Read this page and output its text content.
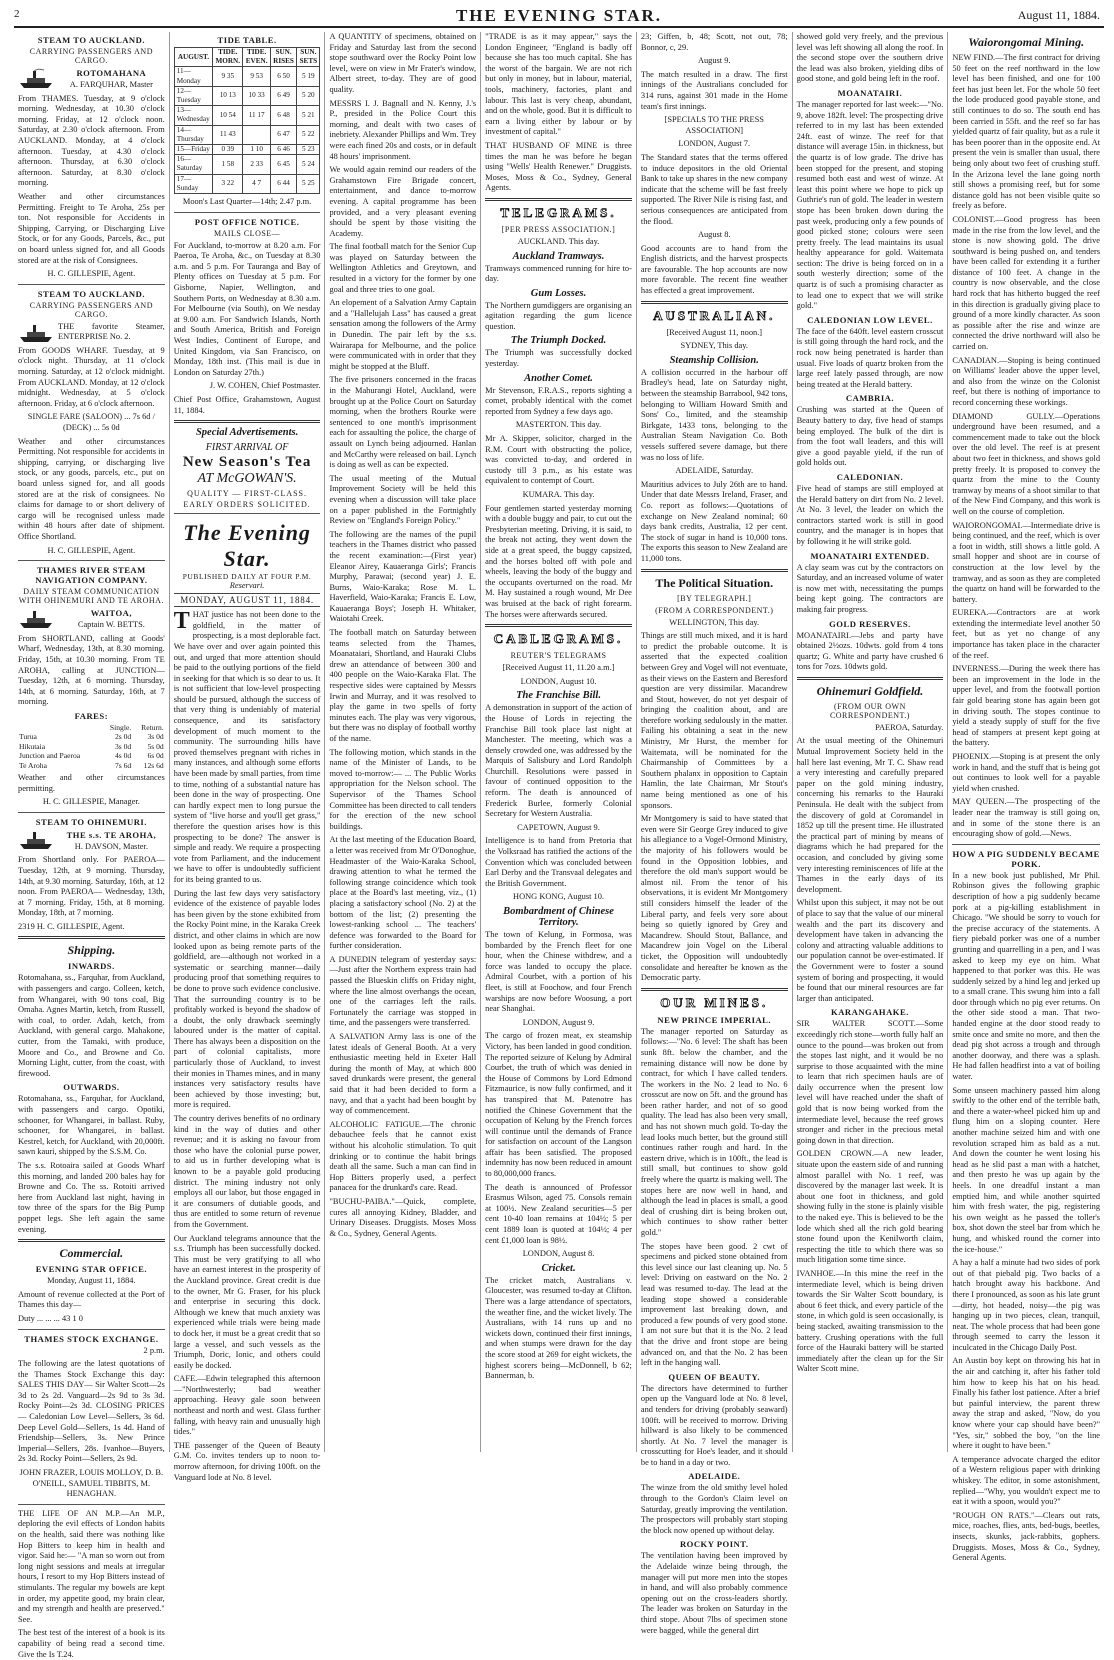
2	THE EVENING STAR.	August 11, 1884.
STEAM TO AUCKLAND.
CARRYING PASSENGERS AND CARGO.
ROTOMAHANA
A. FARQUHAR, Master
From THAMES. Tuesday, at 9 o'clock morning. Wednesday, at 10.30 o'clock morning. Friday, at 12 o'clock noon. Saturday, at 2.30 o'clock afternoon. From AUCKLAND. Monday, at 4 o'clock afternoon. Tuesday, at 4.30 o'clock afternoon. Thursday, at 6.30 o'clock afternoon. Saturday, at 8.30 o'clock morning.
Weather and other circumstances Permitting. Freight to Te Aroha, 25s per ton. Not responsible for Accidents in Shipping, Carrying, or Discharging Live Stock, or for any Goods, Parcels, &c., put on board unless signed for, and all Goods stored are at the risk of Consignees.
H. C. GILLESPIE, Agent.
STEAM TO AUCKLAND.
CARRYING PASSENGERS AND CARGO.
THE favorite Steamer, ENTERPRISE No. 2.
From GOODS WHARF. Tuesday, at 9 o'clock night. Thursday, at 11 o'clock morning. Saturday, at 12 o'clock midnight. From AUCKLAND. Monday, at 12 o'clock midnight. Wednesday, at 5 o'clock afternoon. Friday, at 6 o'clock afternoon.
SINGLE FARE (SALOON) ... 7s 6d / (DECK) ... 5s 0d
Weather and other circumstances Permitting. Not responsible for accidents in shipping, carrying, or discharging live stock, or any goods, parcels, etc., put on board unless signed for, and all goods stored are at the risk of consignees. No claims for damage to or short delivery of cargo will be recognised unless made within 48 hours after date of shipment. Office Shortland.
H. C. GILLESPIE, Agent.
THAMES RIVER STEAM NAVIGATION COMPANY.
DAILY STEAM COMMUNICATION WITH OHINEMURI AND TE AROHA.
WAITOA,
Captain W. BETTS.
From SHORTLAND, calling at Goods' Wharf, Wednesday, 13th, at 8.30 morning. Friday, 15th, at 10.30 morning. From TE AROHA, calling at JUNCTION— Tuesday, 12th, at 6 morning. Thursday, 14th, at 6 morning. Saturday, 16th, at 7 morning.
FARES:
	Single.	Return.
Turua	2s 0d	3s 0d
Hikutaia	3s 0d	5s 0d
Junction and Paeroa	4s 0d	6s 0d
Te Aroha	7s 6d	12s 6d
Weather and other circumstances permitting.
H. C. GILLESPIE, Manager.
STEAM TO OHINEMURI.
THE s.s. TE AROHA,
H. DAVSON, Master.
From Shortland only. For PAEROA— Tuesday, 12th, at 9 morning. Thursday, 14th, at 9.30 morning. Saturday, 16th, at 12 noon. From PAEROA— Wednesday, 13th, at 7 morning. Friday, 15th, at 8 morning. Monday, 18th, at 7 morning.
2319 H. C. GILLESPIE, Agent.
Shipping.
INWARDS.
Rotomahana, ss., Farquhar, from Auckland, with passengers and cargo. Colleen, ketch, from Whangarei, with 90 tons coal, Big Omaha. Agnes Martin, ketch, from Russell, with coal, to order. Adah, ketch, from Auckland, with general cargo. Mahakone, cutter, from the Tamaki, with produce, Moore and Co., and Browne and Co. Morning Light, cutter, from the coast, with firewood.
OUTWARDS.
Rotomahana, ss., Farquhar, for Auckland, with passengers and cargo. Opotiki, schooner, for Whangarei, in ballast. Ruby, schooner, for Whangarei, in ballast. Kestrel, ketch, for Auckland, with 20,000ft. sawn kauri, shipped by the S.S.M. Co.
The s.s. Rotoaira sailed at Goods Wharf this morning, and landed 200 bales hay for Browne and Co. The ss. Rotoiti arrived here from Auckland last night, having in tow three of the spars for the Big Pump poppet legs. She left again the same evening.
Commercial.
EVENING STAR OFFICE.
Monday, August 11, 1884.
Amount of revenue collected at the Port of Thames this day—
Duty ... ... ... 43 1 0
THAMES STOCK EXCHANGE.
2 p.m.
The following are the latest quotations of the Thames Stock Exchange this day: SALES THIS DAY— Sir Walter Scott—2s 3d to 2s 2d. Vanguard—2s 9d to 3s 3d. Rocky Point—2s 3d. CLOSING PRICES— Caledonian Low Level—Sellers, 3s 6d. Deep Level Gold—Sellers, 1s 4d. Hand of Friendship—Sellers, 3s. New Prince Imperial—Sellers, 28s. Ivanhoe—Buyers, 2s 3d. Rocky Point—Sellers, 2s 9d.
JOHN FRAZER, LOUIS MOLLOY, D. B. O'NEILL, SAMUEL TIBBITS, M. HENAGHAN.
THE LIFE OF AN M.P.—An M.P., deploring the evil effects of London habits on the health, said there was nothing like Hop Bitters to keep him in health and vigor. Said he:— "A man so worn out from long night sessions and meals at irregular hours, I resort to my Hop Bitters instead of stimulants. The regular my bowels are kept in order, my appetite good, my brain clear, and my strength and health are preserved." See.
The best test of the interest of a book is its capability of being read a second time. Give the Is T.24.
TIDE TABLE.
AUGUST.	TIDE. MORN.	TIDE. EVEN.	SUN. RISES	SUN. SETS
11—Monday	9 35	9 53	6 50	5 19
12—Tuesday	10 13	10 33	6 49	5 20
13—Wednesday	10 54	11 17	6 48	5 21
14—Thursday	11 43		6 47	5 22
15—Friday	0 39	1 10	6 46	5 23
16—Saturday	1 58	2 33	6 45	5 24
17—Sunday	3 22	4 7	6 44	5 25
Moon's Last Quarter—14th; 2.47 p.m.
POST OFFICE NOTICE.
MAILS CLOSE—
For Auckland, to-morrow at 8.20 a.m. For Paeroa, Te Aroha, &c., on Tuesday at 8.30 a.m. and 5 p.m. For Tauranga and Bay of Plenty offices on Tuesday at 5 p.m. For Gisborne, Napier, Wellington, and Southern Ports, on Wednesday at 8.30 a.m. For Melbourne (via South), on We nesday at 9.00 a.m. For Sandwich Islands, North and South America, British and Foreign West Indies, Continent of Europe, and United Kingdom, via San Francisco, on Monday, 18th inst. (This mail is due in London on Saturday 27th.)
J. W. COHEN, Chief Postmaster.
Chief Post Office, Grahamstown, August 11, 1884.
Special Advertisements.
FIRST ARRIVAL OF
New Season's Tea
AT McGOWAN'S.
QUALITY — FIRST-CLASS.
EARLY ORDERS SOLICITED.
The Evening Star.
PUBLISHED DAILY AT FOUR P.M.
Reservari.
MONDAY, AUGUST 11, 1884.
THAT justice has not been done to the goldfield, in the matter of prospecting, is a most deplorable fact. We have over and over again pointed this out, and urged that more attention should be paid to the outlying portions of the field in seeking for that which is so dear to us. It is not sufficient that low-level prospecting should be pursued, although the success of that very thing is undeniably of material consequence, and its satisfactory development of much moment to the community. The surrounding hills have proved themselves pregnant with riches in many instances, and although some efforts have been made by small parties, from time to time, nothing of a substantial nature has been done in the way of prospecting. One can hardly expect men to long pursue the system of "live horse and you'll get grass," therefore the question arises how is this prospecting to be done? The answer is simple and ready. We require a prospecting vote from Parliament, and the inducement we have to offer is undoubtedly sufficient for its being granted to us.
During the last few days very satisfactory evidence of the existence of payable lodes has been given by the stone exhibited from the Rocky Point mine, in the Karaka Creek district, and other claims in which are now looked upon as being remote parts of the goldfield, are—although not worked in a systematic or searching manner—daily producing proof that something requires to be done to prove such evidence conclusive. That the surrounding country is to be profitably worked is beyond the shadow of a doubt, the only drawback seemingly laboured under is the matter of capital. There has always been a disposition on the part of colonial capitalists, more particularly those of Auckland, to invest their monies in Thames mines, and in many instances very satisfactory results have been achieved by those investing; but, more is required.
The country derives benefits of no ordinary kind in the way of duties and other revenue; and it is asking no favour from those who have the colonial purse power, to aid us in further developing what is known to be a payable gold producing district. The mining industry not only employs all our labor, but those engaged in it are consumers of dutiable goods, and thus are entitled to some return of revenue from the Government.
Our Auckland telegrams announce that the s.s. Triumph has been successfully docked. This must be very gratifying to all who have an earnest interest in the prosperity of the Auckland province. Great credit is due to the owner, Mr G. Fraser, for his pluck and enterprise in securing this dock. Although we knew that much anxiety was experienced while trials were being made to dock her, it must be a great credit that so large a vessel, and such vessels as the Triumph, Doric, Ionic, and others could easily be docked.
CAFE.—Edwin telegraphed this afternoon—"Northwesterly; bad weather approaching. Heavy gale soon between northeast and north and west. Glass further falling, with heavy rain and unusually high tides."
THE passenger of the Queen of Beauty G.M. Co. invites tenders up to noon to-morrow afternoon, for driving 100ft. on the Vanguard lode at No. 8 level.
A QUANTITY of specimens, obtained on Friday and Saturday last from the second stope southward over the Rocky Point low level, were on view in Mr Frater's window, Albert street, to-day. They are of good quality.
MESSRS I. J. Bagnall and N. Kenny, J.'s P., presided in the Police Court this morning, and dealt with two cases of inebriety. Alexander Phillips and Wm. Trey were each fined 20s and costs, or in default 48 hours' imprisonment.
We would again remind our readers of the Grahamstown Fire Brigade concert, entertainment, and dance to-morrow evening. A capital programme has been provided, and a very pleasant evening should be spent by those visiting the Academy.
The final football match for the Senior Cup was played on Saturday between the Wellington Athletics and Greytown, and resulted in a victory for the former by one goal and three tries to one goal.
An elopement of a Salvation Army Captain and a "Hallelujah Lass" has caused a great sensation among the followers of the Army in Dunedin. The pair left by the s.s. Wairarapa for Melbourne, and the police were communicated with in order that they might be stopped at the Bluff.
The five prisoners concerned in the fracas in the Mahurangi Hotel, Auckland, were brought up at the Police Court on Saturday morning, when the brothers Rourke were sentenced to one month's imprisonment each for assaulting the police, the charge of assault on Lynch being adjourned. Hanlan and McCarthy were released on bail. Lynch is doing as well as can be expected.
The usual meeting of the Mutual Improvement Society will be held this evening when a discussion will take place on a paper published in the Fortnightly Review on "England's Foreign Policy."
The following are the names of the pupil teachers in the Thames district who passed the recent examination:—(First year) Eleanor Airey, Kauaeranga Girls'; Francis Murphy, Parawai; (second year) J. E. Burns, Waio-Karaka; Rose M. L. Haverfield, Waio-Karaka; Francis E. Low, Kauaeranga Boys'; Joseph H. Whitaker, Waiotahi Creek.
The football match on Saturday between teams selected from the Thames, Moanataiari, Shortland, and Hauraki Clubs drew an attendance of between 300 and 400 people on the Waio-Karaka Flat. The respective sides were captained by Messrs Irwin and Murray, and it was resolved to play the game in two spells of forty minutes each. The play was very vigorous, but there was no display of football worthy of the name.
The following motion, which stands in the name of the Minister of Lands, to be moved to-morrow:— ... The Public Works appropriation for the Nelson school. The Supervisor of the Thames School Committee has been directed to call tenders for the erection of the new school buildings.
At the last meeting of the Education Board, a letter was received from Mr O'Donoghue, Headmaster of the Waio-Karaka School, drawing attention to what he termed the following strange coincidence which took place at the Board's last meeting, viz., (1) placing a satisfactory school (No. 2) at the bottom of the list; (2) presenting the lowest-ranking school ... The teachers' defence was forwarded to the Board for further consideration.
A DUNEDIN telegram of yesterday says:—Just after the Northern express train had passed the Blueskin cliffs on Friday night, where the line almost overhangs the ocean, one of the carriages left the rails. Fortunately the carriage was stopped in time, and the passengers were transferred.
A SALVATION Army lass is one of the latest ideals of General Booth. At a very enthusiastic meeting held in Exeter Hall during the month of May, at which 800 saved drunkards were present, the general said that it had been decided to form a navy, and that a yacht had been bought by way of commencement.
ALCOHOLIC FATIGUE.—The chronic debauchee feels that he cannot exist without his alcoholic stimulation. To quit drinking or to continue the habit brings death all the same. Such a man can find in Hop Bitters properly used, a perfect panacea for the drunkard's care. Read.
"BUCHU-PAIBA."—Quick, complete, cures all annoying Kidney, Bladder, and Urinary Diseases. Druggists. Moses Moss & Co., Sydney, General Agents.
"TRADE is as it may appear," says the London Engineer, "England is badly off because she has too much capital. She has the worst of the bargain. We are not rich but only in money, but in labour, material, tools, machinery, factories, plant and labour. This last is very cheap, abundant, and on the whole, good. But it is difficult to earn a living either by labour or by investment of capital."
THAT HUSBAND OF MINE is three times the man he was before he began using "Wells' Health Renewer." Druggists. Moses, Moss & Co., Sydney, General Agents.
TELEGRAMS.
[PER PRESS ASSOCIATION.]
AUCKLAND. This day.
Auckland Tramways.
Tramways commenced running for hire to-day.
Gum Losses.
The Northern gumdiggers are organising an agitation regarding the gum licence question.
The Triumph Docked.
The Triumph was successfully docked yesterday.
Another Comet.
Mr Stevenson, F.R.A.S., reports sighting a comet, probably identical with the comet reported from Sydney a few days ago.
MASTERTON. This day.
Mr A. Skipper, solicitor, charged in the R.M. Court with obstructing the police, was convicted to-day, and ordered in custody till 3 p.m., as his estate was equivalent to contempt of Court.
KUMARA. This day.
Four gentlemen started yesterday morning with a double buggy and pair, to cut out the Presbyterian meeting. Driving, it is said, to the break not acting, they went down the side at a great speed, the buggy capsized, and the horses bolted off with pole and wheels, leaving the body of the buggy and the occupants overturned on the road. Mr M. Hay sustained a rough wound, Mr Dee was bruised at the back of right forearm. The horses were afterwards secured.
CABLEGRAMS.
REUTER'S TELEGRAMS
[Received August 11, 11.20 a.m.]
LONDON, August 10.
The Franchise Bill.
A demonstration in support of the action of the House of Lords in rejecting the Franchise Bill took place last night at Manchester. The meeting, which was a densely crowded one, was addressed by the Marquis of Salisbury and Lord Randolph Churchill. Resolutions were passed in favour of continued opposition to the reform. The death is announced of Frederick Burlee, formerly Colonial Secretary for Western Australia.
CAPETOWN, August 9.
Intelligence is to hand from Pretoria that the Volksraad has ratified the actions of the Convention which was concluded between Earl Derby and the Transvaal delegates and the British Government.
HONG KONG, August 10.
Bombardment of Chinese Territory.
The town of Kelung, in Formosa, was bombarded by the French fleet for one hour, when the Chinese withdrew, and a force was landed to occupy the place. Admiral Courbet, with a portion of his fleet, is still at Foochow, and four French warships are now before Woosung, a port near Shanghai.
LONDON, August 9.
The cargo of frozen meat, ex steamship Victory, has been landed in good condition. The reported seizure of Kelung by Admiral Courbet, the truth of which was denied in the House of Commons by Lord Edmond Fitzmaurice, is now fully confirmed, and it has transpired that M. Patenotre has notified the Chinese Government that the occupation of Kelung by the French forces will continue until the demands of France for satisfaction on account of the Langson affair has been satisfied. The proposed indemnity has now been reduced in amount to 80,000,000 francs.
The death is announced of Professor Erasmus Wilson, aged 75. Consols remain at 100½. New Zealand securities—5 per cent 10-40 loan remains at 104½; 5 per cent 1889 loan is quoted at 104½; 4 per cent £1,000 loan is 98½.
LONDON, August 8.
Cricket.
The cricket match, Australians v. Gloucester, was resumed to-day at Clifton. There was a large attendance of spectators, the weather fine, and the wicket lively. The Australians, with 14 runs up and no wickets down, continued their first innings, and when stumps were drawn for the day the score stood at 269 for eight wickets, the highest scorers being—McDonnell, b 62; Bannerman, b.
23; Giffen, b, 48; Scott, not out, 78; Bonnor, c, 29.
August 9.
The match resulted in a draw. The first innings of the Australians concluded for 314 runs, against 301 made in the Home team's first innings.
[SPECIALS TO THE PRESS ASSOCIATION]
LONDON, August 7.
The Standard states that the terms offered to induce depositors in the old Oriental Bank to take up shares in the new company indicate that the scheme will be fast freely supported. The River Nile is rising fast, and serious consequences are anticipated from the flood.
August 8.
Good accounts are to hand from the English districts, and the harvest prospects are favourable. The hop accounts are now more favorable. The recent fine weather has effected a great improvement.
AUSTRALIAN.
[Received August 11, noon.]
SYDNEY, This day.
Steamship Collision.
A collision occurred in the harbour off Bradley's head, late on Saturday night, between the steamship Barrabool, 942 tons, belonging to William Howard Smith and Sons' Co., limited, and the steamship Birkgate, 1433 tons, belonging to the Australian Steam Navigation Co. Both vessels suffered severe damage, but there was no loss of life.
ADELAIDE, Saturday.
Mauritius advices to July 26th are to hand. Under that date Messrs Ireland, Fraser, and Co. report as follows:—Quotations of exchange on New Zealand nominal; 60 days bank credits, Australia, 12 per cent. The stock of sugar in hand is 10,000 tons. The exports this season to New Zealand are 11,000 tons.
The Political Situation.
[BY TELEGRAPH.]
(FROM A CORRESPONDENT.)
WELLINGTON, This day.
Things are still much mixed, and it is hard to predict the probable outcome. It is asserted that the expected coalition between Grey and Vogel will not eventuate, as their views on the Eastern and Beresford question are very dissimilar. Macandrew and Stout, however, do not yet despair of bringing the coalition about, and are therefore working sedulously in the matter. Failing his obtaining a seat in the new Ministry, Mr Hurst, the member for Waitemata, will be nominated for the Chairmanship of Committees by a Southern phalanx in opposition to Captain Hamlin, the late Chairman, Mr Stout's name being mentioned as one of his sponsors.
Mr Montgomery is said to have stated that even were Sir George Grey induced to give his allegiance to a Vogel-Ormond Ministry, the majority of his followers would be found in the Opposition lobbies, and therefore the old man's support would be almost nil. From the tenor of his observations, it is evident Mr Montgomery still considers himself the leader of the Liberal party, and feels very sore about being so quietly ignored by Grey and Macandrew. Should Stout, Ballance, and Macandrew join Vogel on the Liberal ticket, the Opposition will undoubtedly consolidate and hereafter be known as the Democratic party.
OUR MINES.
NEW PRINCE IMPERIAL.
The manager reported on Saturday as follows:—"No. 6 level: The shaft has been sunk 8ft. below the chamber, and the remaining distance will now be done by contract, for which I have called tenders. The workers in the No. 2 lead to No. 6 crosscut are now on 5ft. and the ground has been rather harder, and not of so good quality. The lead has also been very small, and has not shown much gold. To-day the lead looks much better, but the ground still continues rather rough and hard. In the eastern drive, which is in 100ft., the lead is still small, but continues to show gold freely where the quartz is making well. The stopes here are now well in hand, and although the lead in places is small, a good deal of crushing dirt is being broken out, which continues to show rather better gold."
The stopes have been good. 2 cwt of specimens and picked stone obtained from this level since our last cleaning up. No. 5 level: Driving on eastward on the No. 2 lead was resumed to-day. The lead at the leading stope showed a considerable improvement last breaking down, and produced a few pounds of very good stone. I am not sure but that it is the No. 2 lead that the drive and front stope are being advanced on, and that the No. 2 has been left in the hanging wall.
QUEEN OF BEAUTY.
The directors have determined to further open up the Vanguard lode at No. 8 level, and tenders for driving (probably seaward) 100ft. will be received to morrow. Driving hillward is also likely to be commenced shortly. At No. 7 level the manager is crosscutting for Hoe's leader, and it should be to hand in a day or two.
ADELAIDE.
The winze from the old smithy level holed through to the Gordon's Claim level on Saturday, greatly improving the ventilation. The prospectors will probably start stoping the block now opened up without delay.
ROCKY POINT.
The ventilation having been improved by the Adelaide winze being through, the manager will put more men into the stopes in hand, and will also probably commence opening out on the cross-leaders shortly. The leader was broken on Saturday in the third stope. About 7lbs of specimen stone were bagged, while the general dirt
showed gold very freely, and the previous level was left showing all along the roof. In the second stope over the southern drive the lead was also broken, yielding dibs of good stone, and gold being left in the roof.
MOANATAIRI.
The manager reported for last week:—"No. 9, above 182ft. level: The prospecting drive referred to in my last has been extended 24ft. east of winze. The reef for that distance will average 15in. in thickness, but the quartz is of low grade. The drive has been stopped for the present, and stoping resumed both east and west of winze. At least this point where we hope to pick up Guthrie's run of gold. The leader in western stope has been broken down during the past week, producing only a few pounds of good picked stone; colours were seen pretty freely. The lead maintains its usual healthy appearance for gold. Waitemata section: The drive is being forced on in a south westerly direction; some of the quartz is of such a promising character as to lead one to expect that we will strike gold."
CALEDONIAN LOW LEVEL.
The face of the 640ft. level eastern crosscut is still going through the hard rock, and the rock now being penetrated is harder than usual. Five loads of quartz broken from the large reef lately passed through, are now being treated at the Herald battery.
CAMBRIA.
Crushing was started at the Queen of Beauty battery to day, five head of stamps being employed. The bulk of the dirt is from the foot wall leaders, and this will give a good payable yield, if the run of gold holds out.
CALEDONIAN.
Five head of stamps are still employed at the Herald battery on dirt from No. 2 level. At No. 3 level, the leader on which the contractors started work is still in good country, and the manager is in hopes that by following it he will strike gold.
MOANATAIRI EXTENDED.
A clay seam was cut by the contractors on Saturday, and an increased volume of water is now met with, necessitating the pumps being kept going. The contractors are making fair progress.
GOLD RESERVES.
MOANATAIRI.—Jebs and party have obtained 2½ozs. 10dwts. gold from 4 tons quartz; G. White and party have crushed 6 tons for 7ozs. 10dwts gold.
Ohinemuri Goldfield.
(FROM OUR OWN CORRESPONDENT.)
PAEROA, Saturday.
At the usual meeting of the Ohinemuri Mutual Improvement Society held in the hall here last evening, Mr T. C. Shaw read a very interesting and carefully prepared paper on the gold mining industry, concerning his remarks to the Hauraki Peninsula. He dealt with the subject from the discovery of gold at Coromandel in 1852 up till the present time. He illustrated the practical part of mining by means of diagrams which he had prepared for the occasion, and concluded by giving some very interesting reminiscences of life at the Thames in the early days of its development.
Whilst upon this subject, it may not be out of place to say that the value of our mineral wealth and the part its discovery and development have taken in advancing the colony and attracting valuable additions to our population cannot be over-estimated. If the Government were to foster a sound system of boring and prospecting, it would be found that our mineral resources are far larger than anticipated.
KARANGAHAKE.
SIR WALTER SCOTT.—Some exceedingly rich stone—worth fully half an ounce to the pound—was broken out from the stopes last night, and it would be no surprise to those acquainted with the mine to learn that rich specimen hauls are of daily occurrence when the present low level will have reached under the shaft of gold that is now being worked from the intermediate level, because the reef grows stronger and richer in the precious metal going down in that direction.
GOLDEN CROWN.—A new leader, situate upon the eastern side of and running almost parallel with No. 1 reef, was discovered by the manager last week. It is about one foot in thickness, and gold showing fully in the stone is plainly visible to the naked eye. This is believed to be the lode which shed all the rich gold bearing stone found upon the Kenilworth claim, respecting the title to which there was so much litigation some time since.
IVANHOE.—In this mine the reef in the intermediate level, which is being driven towards the Sir Walter Scott boundary, is about 6 feet thick, and every particle of the stone, in which gold is seen occasionally, is being stacked, awaiting transmission to the battery. Crushing operations with the full force of the Hauraki battery will be started immediately after the clean up for the Sir Walter Scott mine.
Waiorongomai Mining.
NEW FIND.—The first contract for driving 50 feet on the reef northward in the low level has been finished, and one for 100 feet has just been let. For the whole 50 feet the lode produced good payable stone, and still continues to do so. The south end has been carried in 55ft. and the reef so far has yielded quartz of fair quality, but as a rule it has been poorer than in the opposite end. At present the vein is smaller than usual, there being only about two feet of crushing stuff. In the Arizona level the lane going north still shows a promising reef, but for some distance gold has not been visible quite so freely as before.
COLONIST.—Good progress has been made in the rise from the low level, and the stone is now showing gold. The drive southward is being pushed on, and tenders have been called for extending it a further distance of 100 feet. A change in the country is now observable, and the close hard rock that has hitherto bugged the reef in this direction is gradually giving place to ground of a more kindly character. As soon as possible after the rise and winze are connected the drive northward will also be carried on.
CANADIAN.—Stoping is being continued on Williams' leader above the upper level, and also from the winze on the Colonist reef, but there is nothing of importance to record concerning these workings.
DIAMOND GULLY.—Operations underground have been resumed, and a commencement made to take out the block over the old level. The reef is at present about two feet in thickness, and shows gold pretty freely. It is proposed to convey the quartz from the mine to the County tramway by means of a shoot similar to that of the New Find Company, and this work is well on the course of completion.
WAIORONGOMAI.—Intermediate drive is being continued, and the reef, which is over a foot in width, still shows a little gold. A small hopper and shoot are in course of construction at the low level by the tramway, and as soon as they are completed the quartz on hand will be forwarded to the battery.
EUREKA.—Contractors are at work extending the intermediate level another 50 feet, but as yet no change of any importance has taken place in the character of the reef.
INVERNESS.—During the week there has been an improvement in the lode in the upper level, and from the footwall portion fair gold bearing stone has again been got in driving south. The stopes continue to yield a steady supply of stuff for the five head of stampers at present kept going at the battery.
PHOENIX.—Stoping is at present the only work in hand, and the stuff that is being got out continues to look well for a payable yield when crushed.
MAY QUEEN.—The prospecting of the leader near the tramway is still going on, and in some of the stone there is an encouraging show of gold.—News.
HOW A PIG SUDDENLY BECAME PORK.
In a new book just published, Mr Phil. Robinson gives the following graphic description of how a pig suddenly became pork at a pig-killing establishment in Chicago. "We should be sorry to vouch for the precise accuracy of the statements. A fiery piebald porker was one of a number grunting and quarrelling in a pen, and I was asked to keep my eye on him. What happened to that porker was this. He was suddenly seized by a hind leg and jerked up to a small crane. This swung him into a fall door through which no pig ever returns. On the other side stood a man. That two-handed engine at the door stood ready to smite once and smite no more, and then the dead pig shot across a trough and through another doorway, and there was a splash. He had fallen headfirst into a vat of boiling water.
Some unseen machinery passed him along swiftly to the other end of the terrible bath, and there a water-wheel picked him up and flung him on a sloping counter. Here another machine seized him and with one revolution scraped him as bald as a nut. And down the counter he went losing his head as he slid past a man with a hatchet, and then presto he was up again by the heels. In one dreadful instant a man emptied him, and while another squirted him with fresh water, the pig, registering his own weight as he passed the toller's box, shot down the steel bar from which he hung, and whisked round the corner into the ice-house."
A hay a half a minute had two sides of pork out of that piebald pig. Two backs of a hatch brought away his backbone. And there I pronounced, as soon as his late grunt—dirty, hot headed, noisy—the pig was hanging up in two pieces, clean, tranquil, neat. The whole process that had been gone through seemed to carry the lesson it inculcated in the Chicago Daily Post.
An Austin boy kept on throwing his hat in the air and catching it, after his father told him how to keep his hat on his head. Finally his father lost patience. After a brief but painful interview, the parent threw away the strap and asked, "Now, do you know where your cap should have been?" "Yes, sir," sobbed the boy, "on the line where it ought to have been."
A temperance advocate charged the editor of a Western religious paper with drinking whiskey. The editor, in some astonishment, replied—"Why, you wouldn't expect me to eat it with a spoon, would you?"
"ROUGH ON RATS."—Clears out rats, mice, roaches, flies, ants, bed-bugs, beetles, insects, skunks, jack-rabbits, gophers. Druggists. Moses, Moss & Co., Sydney, General Agents.
